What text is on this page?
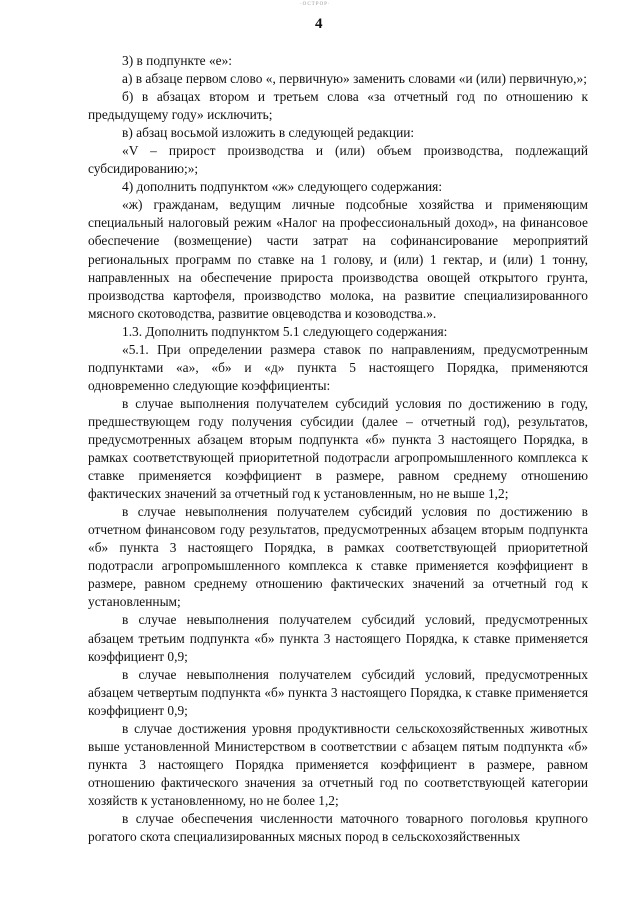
·ОСТРОР·
4

3) в подпункте «е»:

а) в абзаце первом слово «, первичную» заменить словами «и (или) первичную,»;

б) в абзацах втором и третьем слова «за отчетный год по отношению к предыдущему году» исключить;

в) абзац восьмой изложить в следующей редакции:

«V – прирост производства и (или) объем производства, подлежащий субсидированию;»;

4) дополнить подпунктом «ж» следующего содержания:

«ж) гражданам, ведущим личные подсобные хозяйства и применяющим специальный налоговый режим «Налог на профессиональный доход», на финансовое обеспечение (возмещение) части затрат на софинансирование мероприятий региональных программ по ставке на 1 голову, и (или) 1 гектар, и (или) 1 тонну, направленных на обеспечение прироста производства овощей открытого грунта, производства картофеля, производство молока, на развитие специализированного мясного скотоводства, развитие овцеводства и козоводства.».

1.3. Дополнить подпунктом 5.1 следующего содержания:

«5.1. При определении размера ставок по направлениям, предусмотренным подпунктами «а», «б» и «д» пункта 5 настоящего Порядка, применяются одновременно следующие коэффициенты:

в случае выполнения получателем субсидий условия по достижению в году, предшествующем году получения субсидии (далее – отчетный год), результатов, предусмотренных абзацем вторым подпункта «б» пункта 3 настоящего Порядка, в рамках соответствующей приоритетной подотрасли агропромышленного комплекса к ставке применяется коэффициент в размере, равном среднему отношению фактических значений за отчетный год к установленным, но не выше 1,2;

в случае невыполнения получателем субсидий условия по достижению в отчетном финансовом году результатов, предусмотренных абзацем вторым подпункта «б» пункта 3 настоящего Порядка, в рамках соответствующей приоритетной подотрасли агропромышленного комплекса к ставке применяется коэффициент в размере, равном среднему отношению фактических значений за отчетный год к установленным;

в случае невыполнения получателем субсидий условий, предусмотренных абзацем третьим подпункта «б» пункта 3 настоящего Порядка, к ставке применяется коэффициент 0,9;

в случае невыполнения получателем субсидий условий, предусмотренных абзацем четвертым подпункта «б» пункта 3 настоящего Порядка, к ставке применяется коэффициент 0,9;

в случае достижения уровня продуктивности сельскохозяйственных животных выше установленной Министерством в соответствии с абзацем пятым подпункта «б» пункта 3 настоящего Порядка применяется коэффициент в размере, равном отношению фактического значения за отчетный год по соответствующей категории хозяйств к установленному, но не более 1,2;

в случае обеспечения численности маточного товарного поголовья крупного рогатого скота специализированных мясных пород в сельскохозяйственных
